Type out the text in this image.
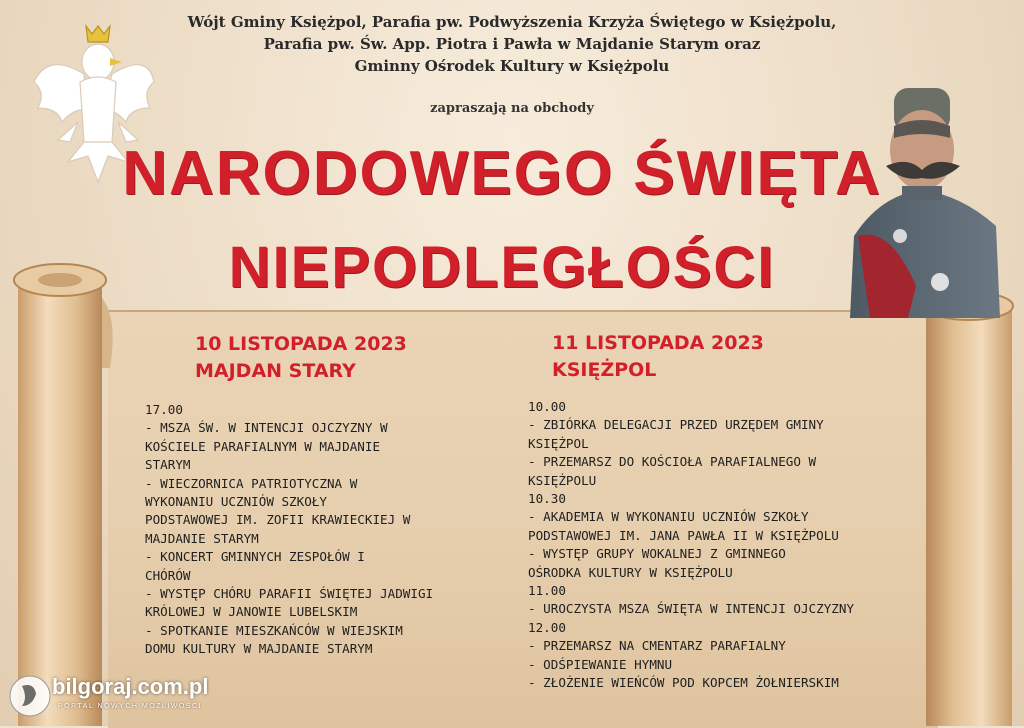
Wójt Gminy Księżpol, Parafia pw. Podwyższenia Krzyża Świętego w Księżpolu,
Parafia pw. Św. App. Piotra i Pawła w Majdanie Starym oraz
Gminny Ośrodek Kultury w Księżpolu
zapraszają na obchody
NARODOWEGO ŚWIĘTA
NIEPODLEGŁOŚCI
10 LISTOPADA 2023
MAJDAN STARY
17.00
- MSZA ŚW. W INTENCJI OJCZYZNY W
KOŚCIELE PARAFIALNYM W MAJDANIE
STARYM
- WIECZORNICA PATRIOTYCZNA W
WYKONANIU UCZNIÓW SZKOŁY
PODSTAWOWEJ IM. ZOFII KRAWIECKIEJ W
MAJDANIE STARYM
- KONCERT GMINNYCH ZESPOŁÓW I
CHÓRÓW
- WYSTĘP CHÓRU PARAFII ŚWIĘTEJ JADWIGI
KRÓLOWEJ W JANOWIE LUBELSKIM
- SPOTKANIE MIESZKAŃCÓW W WIEJSKIM
DOMU KULTURY W MAJDANIE STARYM
11 LISTOPADA 2023
KSIĘŻPOL
10.00
- ZBIÓRKA DELEGACJI PRZED URZĘDEM GMINY
KSIĘŻPOL
- PRZEMARSZ DO KOŚCIOŁA PARAFIALNEGO W
KSIĘŻPOLU
10.30
- AKADEMIA W WYKONANIU UCZNIÓW SZKOŁY
PODSTAWOWEJ IM. JANA PAWŁA II W KSIĘŻPOLU
- WYSTĘP GRUPY WOKALNEJ Z GMINNEGO
OŚRODKA KULTURY W KSIĘŻPOLU
11.00
- UROCZYSTA MSZA ŚWIĘTA W INTENCJI OJCZYZNY
12.00
- PRZEMARSZ NA CMENTARZ PARAFIALNY
- ODŚPIEWANIE HYMNU
- ZŁOŻENIE WIEŃCÓW POD KOPCEM ŻOŁNIERSKIM
bilgoraj.com.pl
PORTAL NOWYCH MOŻLIWOŚCI
